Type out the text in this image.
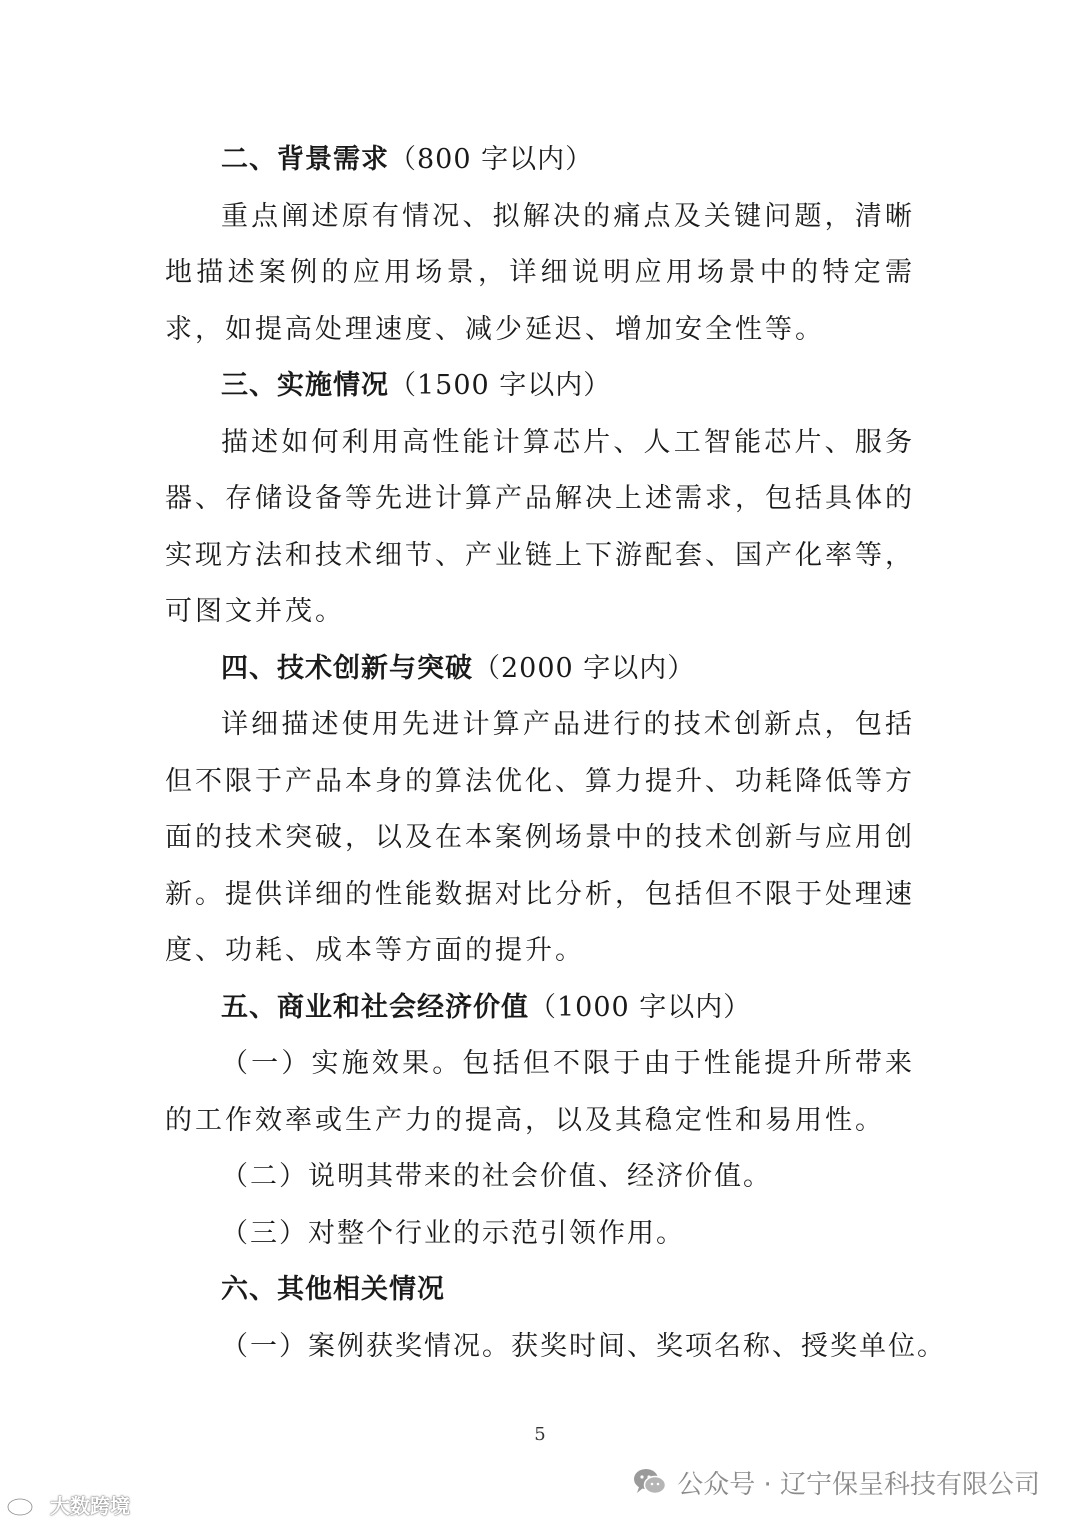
二、背景需求（800 字以内）

重点阐述原有情况、拟解决的痛点及关键问题，清晰地描述案例的应用场景，详细说明应用场景中的特定需求，如提高处理速度、减少延迟、增加安全性等。

三、实施情况（1500 字以内）

描述如何利用高性能计算芯片、人工智能芯片、服务器、存储设备等先进计算产品解决上述需求，包括具体的实现方法和技术细节、产业链上下游配套、国产化率等，可图文并茂。

四、技术创新与突破（2000 字以内）

详细描述使用先进计算产品进行的技术创新点，包括但不限于产品本身的算法优化、算力提升、功耗降低等方面的技术突破，以及在本案例场景中的技术创新与应用创新。提供详细的性能数据对比分析，包括但不限于处理速度、功耗、成本等方面的提升。

五、商业和社会经济价值（1000 字以内）

（一）实施效果。包括但不限于由于性能提升所带来的工作效率或生产力的提高，以及其稳定性和易用性。

（二）说明其带来的社会价值、经济价值。

（三）对整个行业的示范引领作用。

六、其他相关情况

（一）案例获奖情况。获奖时间、奖项名称、授奖单位。

5
公众号 · 辽宁保呈科技有限公司
大数跨境
